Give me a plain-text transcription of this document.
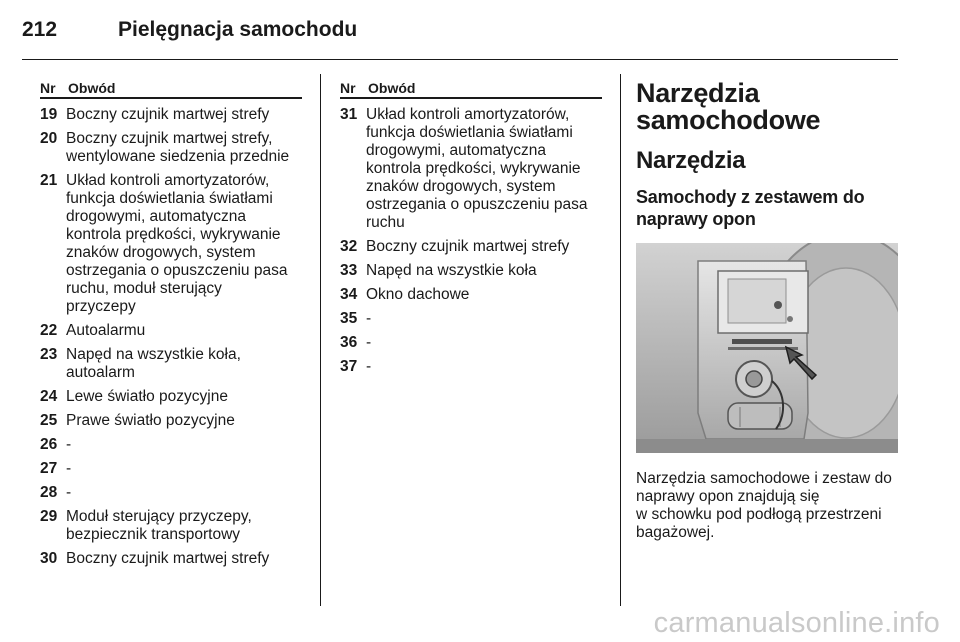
212	Pielęgnacja samochodu
Nr Obwód
19 Boczny czujnik martwej strefy
20 Boczny czujnik martwej strefy,
wentylowane siedzenia przednie
21 Układ kontroli amortyzatorów,
funkcja doświetlania światłami
drogowymi, automatyczna
kontrola prędkości, wykrywanie
znaków drogowych, system
ostrzegania o opuszczeniu pasa
ruchu, moduł sterujący
przyczepy
22 Autoalarmu
23 Napęd na wszystkie koła,
autoalarm
24 Lewe światło pozycyjne
25 Prawe światło pozycyjne
26 -
27 -
28 -
29 Moduł sterujący przyczepy,
bezpiecznik transportowy
30 Boczny czujnik martwej strefy
Nr Obwód
31 Układ kontroli amortyzatorów,
funkcja doświetlania światłami
drogowymi, automatyczna
kontrola prędkości, wykrywanie
znaków drogowych, system
ostrzegania o opuszczeniu pasa
ruchu
32 Boczny czujnik martwej strefy
33 Napęd na wszystkie koła
34 Okno dachowe
35 -
36 -
37 -
Narzędzia
samochodowe
Narzędzia
Samochody z zestawem do
naprawy opon
Narzędzia samochodowe i zestaw do
naprawy opon znajdują się
w schowku pod podłogą przestrzeni
bagażowej.
carmanualsonline.info
